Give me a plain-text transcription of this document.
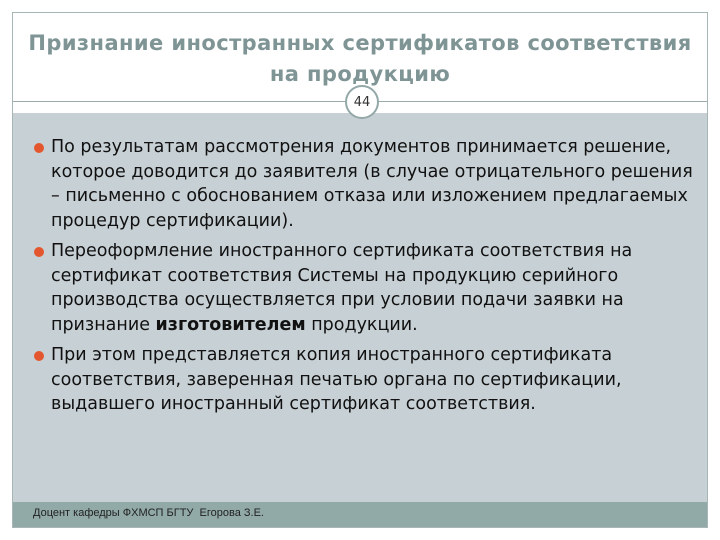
Признание иностранных сертификатов соответствия на продукцию
44
По результатам рассмотрения документов принимается решение, которое доводится до заявителя (в случае отрицательного решения – письменно с обоснованием отказа или изложением предлагаемых процедур сертификации).
Переоформление иностранного сертификата соответствия на сертификат соответствия Системы на продукцию серийного производства осуществляется при условии подачи заявки на признание изготовителем продукции.
При этом представляется копия иностранного сертификата соответствия, заверенная печатью органа по сертификации, выдавшего иностранный сертификат соответствия.
Доцент кафедры ФХМСП БГТУ  Егорова З.Е.
